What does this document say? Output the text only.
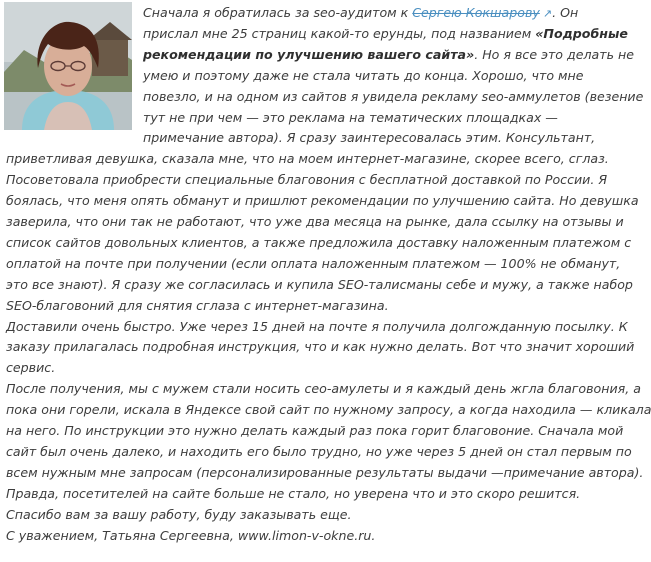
Сначала я обратилась за seo-аудитом к Сергею Кокшарову ↗. Он
прислал мне 25 страниц какой-то ерунды, под названием «Подробные
рекомендации по улучшению вашего сайта». Но я все это делать не
умею и поэтому даже не стала читать до конца. Хорошо, что мне
повезло, и на одном из сайтов я увидела рекламу seo-аммулетов (везение
тут не при чем — это реклама на тематических площадках —
примечание автора). Я сразу заинтересовалась этим. Консультант,
приветливая девушка, сказала мне, что на моем интернет-магазине, скорее всего, сглаз.
Посоветовала приобрести специальные благовония с бесплатной доставкой по России. Я
боялась, что меня опять обманут и пришлют рекомендации по улучшению сайта. Но девушка
заверила, что они так не работают, что уже два месяца на рынке, дала ссылку на отзывы и
список сайтов довольных клиентов, а также предложила доставку наложенным платежом с
оплатой на почте при получении (если оплата наложенным платежом — 100% не обманут,
это все знают). Я сразу же согласилась и купила SEO-талисманы себе и мужу, а также набор
SEO-благовоний для снятия сглаза с интернет-магазина.
Доставили очень быстро. Уже через 15 дней на почте я получила долгожданную посылку. К
заказу прилагалась подробная инструкция, что и как нужно делать. Вот что значит хороший
сервис.
После получения, мы с мужем стали носить сео-амулеты и я каждый день жгла благовония, а
пока они горели, искала в Яндексе свой сайт по нужному запросу, а когда находила — кликала
на него. По инструкции это нужно делать каждый раз пока горит благовоние. Сначала мой
сайт был очень далеко, и находить его было трудно, но уже через 5 дней он стал первым по
всем нужным мне запросам (персонализированные результаты выдачи —примечание автора).
Правда, посетителей на сайте больше не стало, но уверена что и это скоро решится.
Спасибо вам за вашу работу, буду заказывать еще.
С уважением, Татьяна Сергеевна, www.limon-v-okne.ru.
